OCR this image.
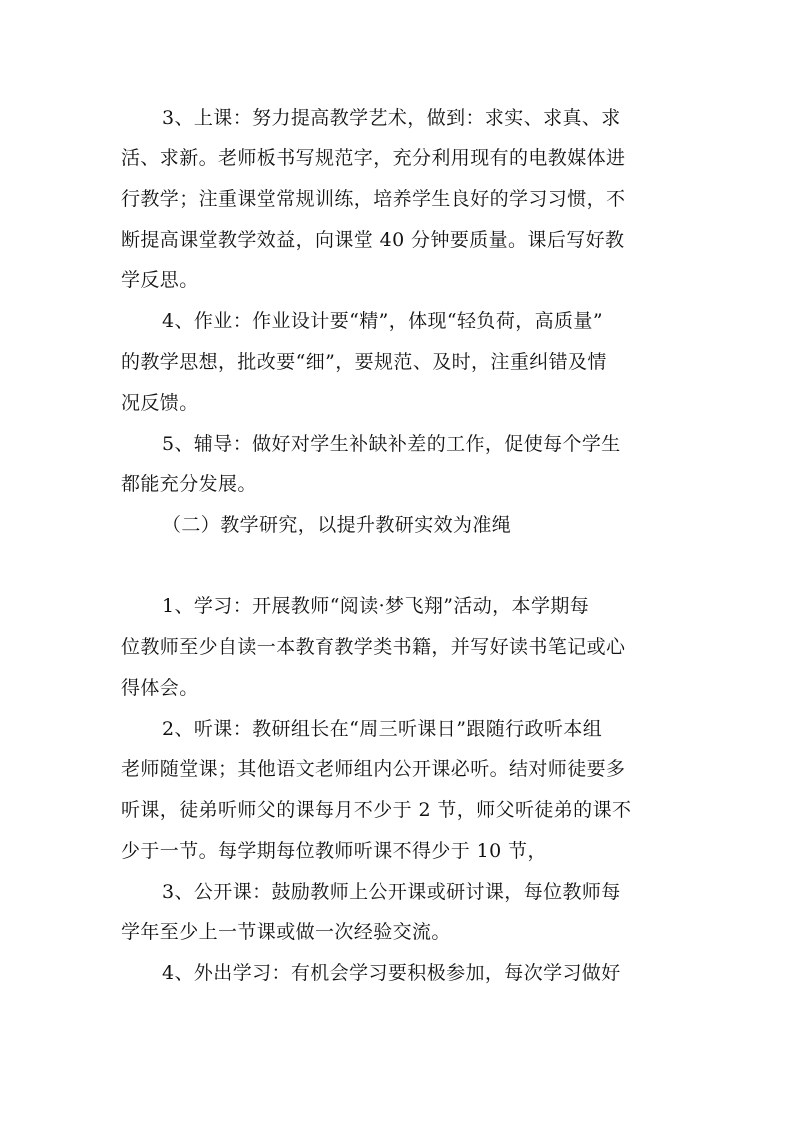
3、上课：努力提高教学艺术，做到：求实、求真、求
活、求新。老师板书写规范字，充分利用现有的电教媒体进
行教学；注重课堂常规训练，培养学生良好的学习习惯，不
断提高课堂教学效益，向课堂 40 分钟要质量。课后写好教
学反思。
4、作业：作业设计要“精”，体现“轻负荷，高质量”
的教学思想，批改要“细”，要规范、及时，注重纠错及情
况反馈。
5、辅导：做好对学生补缺补差的工作，促使每个学生
都能充分发展。
（二）教学研究，以提升教研实效为准绳
1、学习：开展教师“阅读·梦飞翔”活动，本学期每
位教师至少自读一本教育教学类书籍，并写好读书笔记或心
得体会。
2、听课：教研组长在“周三听课日”跟随行政听本组
老师随堂课；其他语文老师组内公开课必听。结对师徒要多
听课，徒弟听师父的课每月不少于 2 节，师父听徒弟的课不
少于一节。每学期每位教师听课不得少于 10 节，
3、公开课：鼓励教师上公开课或研讨课，每位教师每
学年至少上一节课或做一次经验交流。
4、外出学习：有机会学习要积极参加，每次学习做好
